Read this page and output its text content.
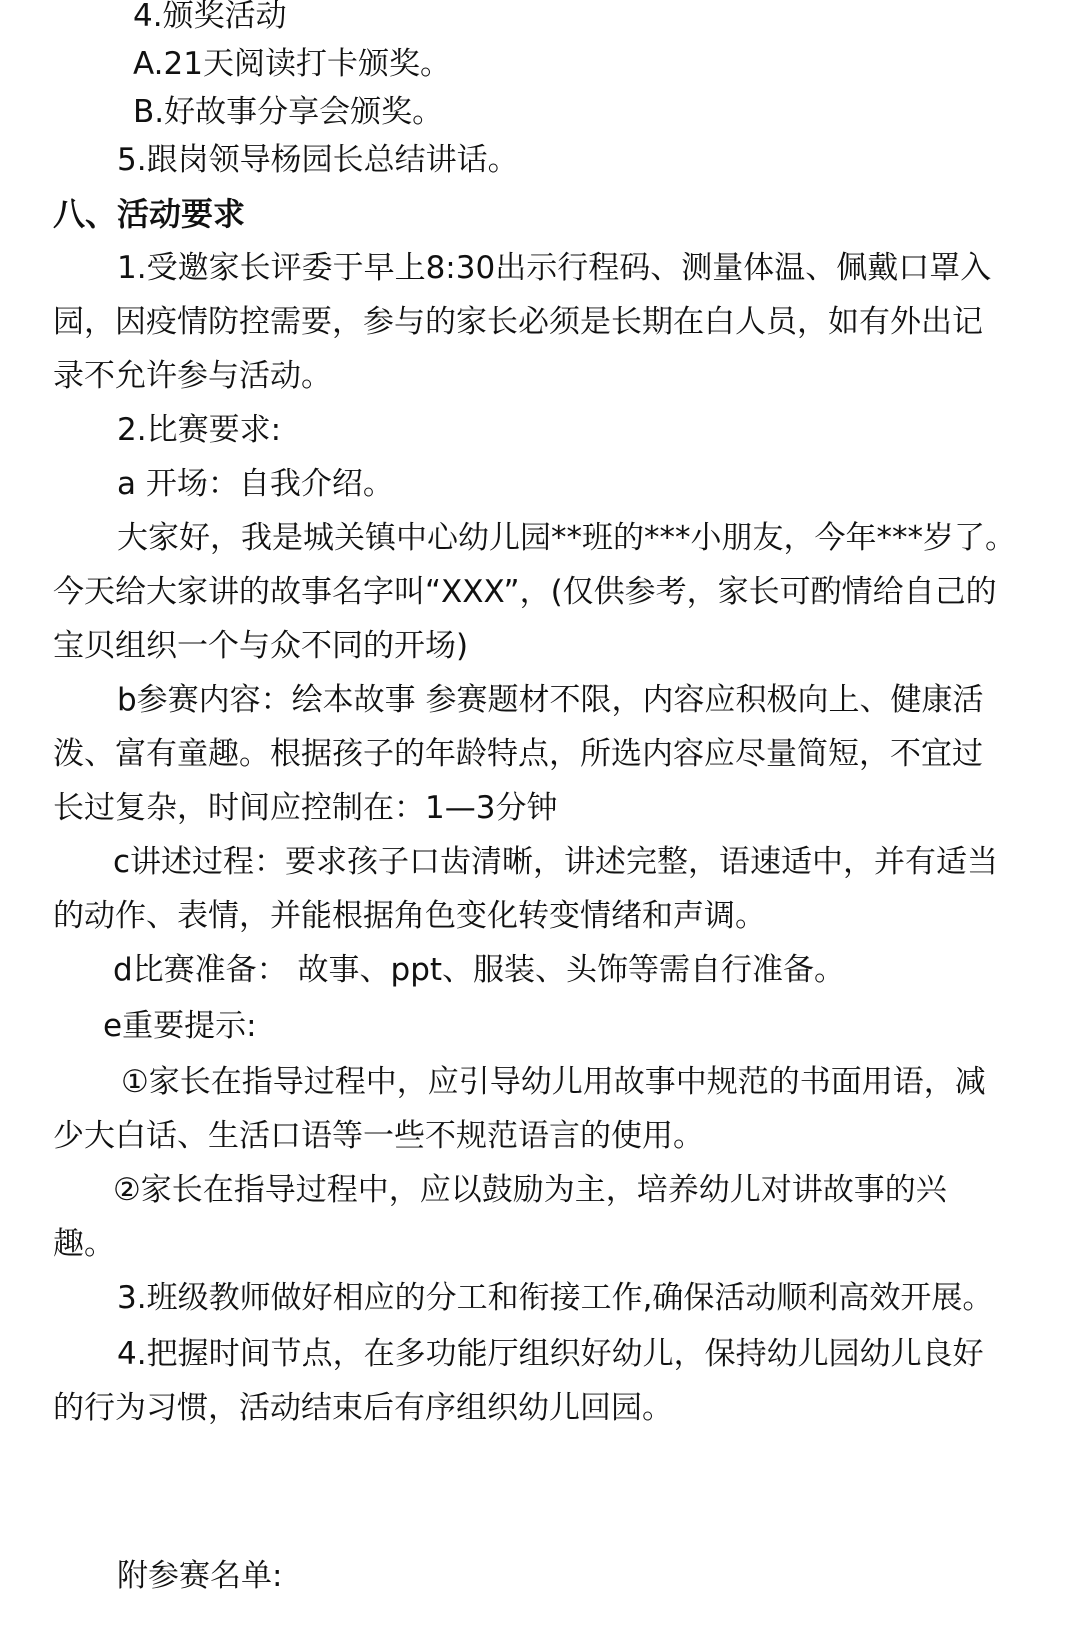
4.颁奖活动
A.21天阅读打卡颁奖。
B.好故事分享会颁奖。
5.跟岗领导杨园长总结讲话。
八、活动要求
1.受邀家长评委于早上8:30出示行程码、测量体温、佩戴口罩入
园，因疫情防控需要，参与的家长必须是长期在白人员，如有外出记
录不允许参与活动。
2.比赛要求:
a 开场：自我介绍。
大家好，我是城关镇中心幼儿园**班的***小朋友，今年***岁了。
今天给大家讲的故事名字叫“XXX”，(仅供参考，家长可酌情给自己的
宝贝组织一个与众不同的开场)
b参赛内容：绘本故事 参赛题材不限，内容应积极向上、健康活
泼、富有童趣。根据孩子的年龄特点，所选内容应尽量简短，不宜过
长过复杂，时间应控制在：1—3分钟
c讲述过程：要求孩子口齿清晰，讲述完整，语速适中，并有适当
的动作、表情，并能根据角色变化转变情绪和声调。
d比赛准备： 故事、ppt、服装、头饰等需自行准备。
e重要提示:
①家长在指导过程中，应引导幼儿用故事中规范的书面用语，减
少大白话、生活口语等一些不规范语言的使用。
②家长在指导过程中，应以鼓励为主，培养幼儿对讲故事的兴
趣。
3.班级教师做好相应的分工和衔接工作,确保活动顺利高效开展。
4.把握时间节点，在多功能厅组织好幼儿，保持幼儿园幼儿良好
的行为习惯，活动结束后有序组织幼儿回园。
附参赛名单:
